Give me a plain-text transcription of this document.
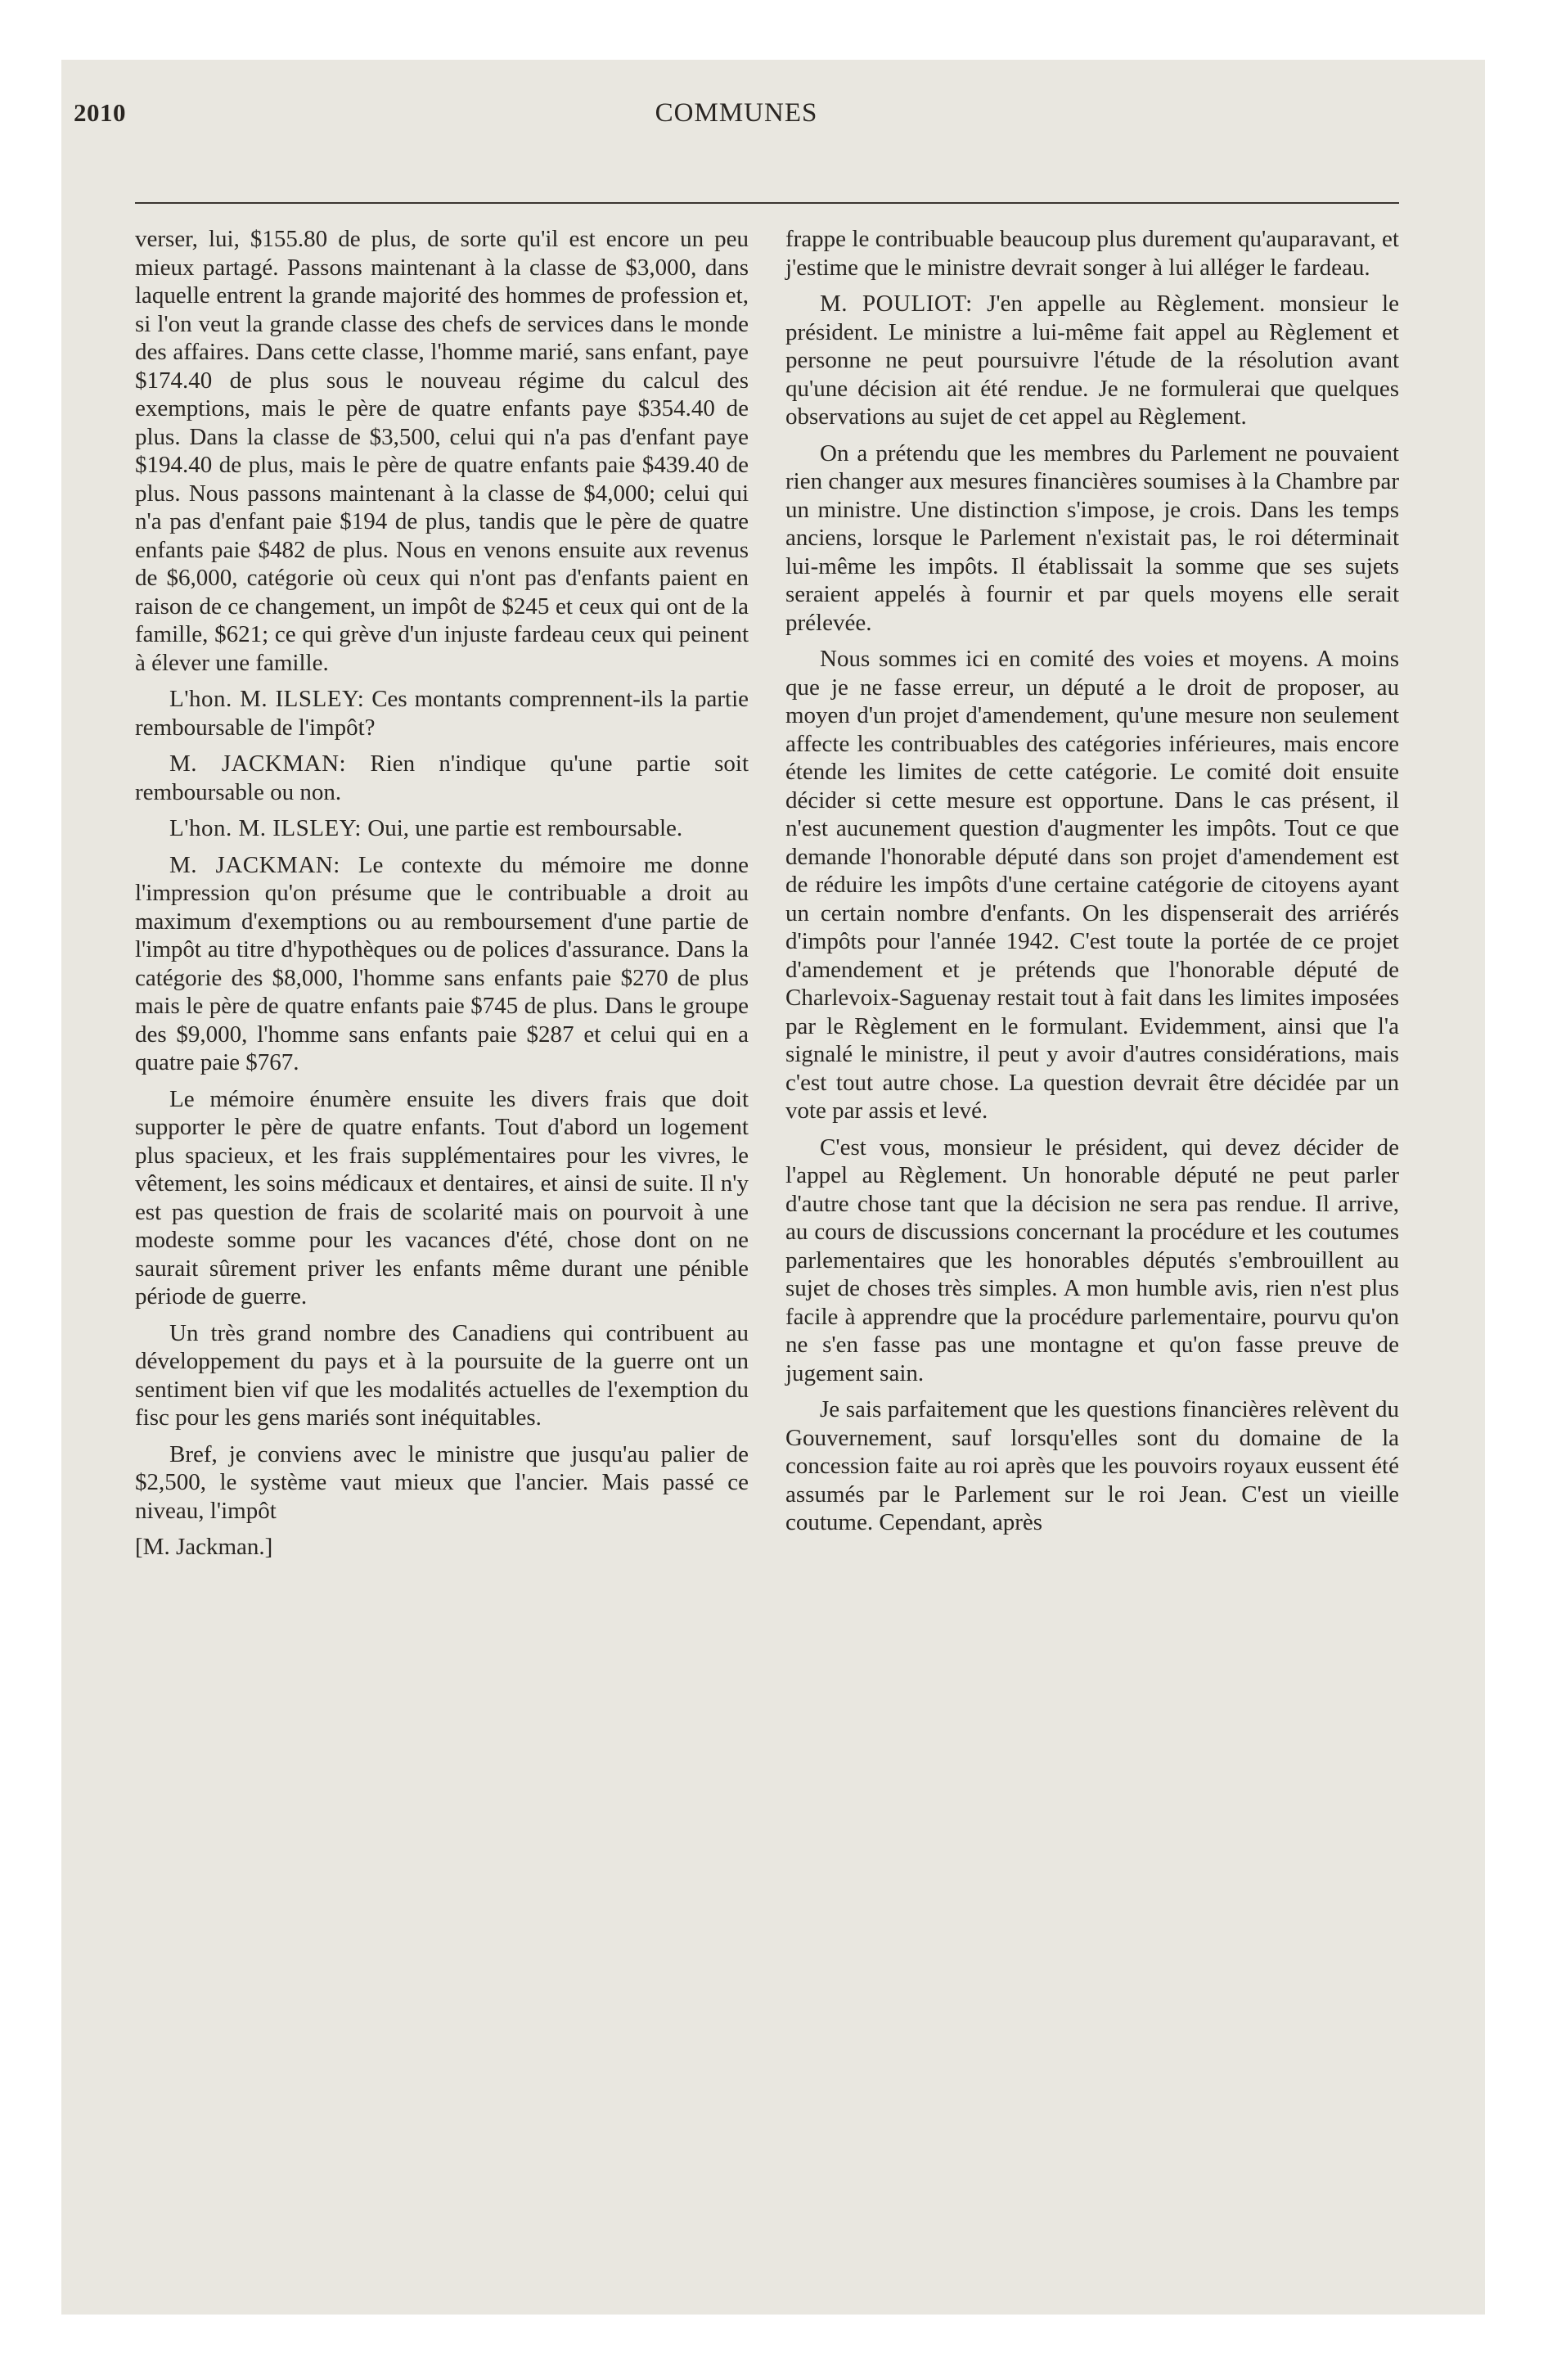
2010	COMMUNES

verser, lui, $155.80 de plus, de sorte qu'il est encore un peu mieux partagé. Passons maintenant à la classe de $3,000, dans laquelle entrent la grande majorité des hommes de profession et, si l'on veut la grande classe des chefs de services dans le monde des affaires. Dans cette classe, l'homme marié, sans enfant, paye $174.40 de plus sous le nouveau régime du calcul des exemptions, mais le père de quatre enfants paye $354.40 de plus. Dans la classe de $3,500, celui qui n'a pas d'enfant paye $194.40 de plus, mais le père de quatre enfants paie $439.40 de plus. Nous passons maintenant à la classe de $4,000; celui qui n'a pas d'enfant paie $194 de plus, tandis que le père de quatre enfants paie $482 de plus. Nous en venons ensuite aux revenus de $6,000, catégorie où ceux qui n'ont pas d'enfants paient en raison de ce changement, un impôt de $245 et ceux qui ont de la famille, $621; ce qui grève d'un injuste fardeau ceux qui peinent à élever une famille.

L'hon. M. ILSLEY: Ces montants comprennent-ils la partie remboursable de l'impôt?

M. JACKMAN: Rien n'indique qu'une partie soit remboursable ou non.

L'hon. M. ILSLEY: Oui, une partie est remboursable.

M. JACKMAN: Le contexte du mémoire me donne l'impression qu'on présume que le contribuable a droit au maximum d'exemptions ou au remboursement d'une partie de l'impôt au titre d'hypothèques ou de polices d'assurance. Dans la catégorie des $8,000, l'homme sans enfants paie $270 de plus mais le père de quatre enfants paie $745 de plus. Dans le groupe des $9,000, l'homme sans enfants paie $287 et celui qui en a quatre paie $767.

Le mémoire énumère ensuite les divers frais que doit supporter le père de quatre enfants. Tout d'abord un logement plus spacieux, et les frais supplémentaires pour les vivres, le vêtement, les soins médicaux et dentaires, et ainsi de suite. Il n'y est pas question de frais de scolarité mais on pourvoit à une modeste somme pour les vacances d'été, chose dont on ne saurait sûrement priver les enfants même durant une pénible période de guerre.

Un très grand nombre des Canadiens qui contribuent au développement du pays et à la poursuite de la guerre ont un sentiment bien vif que les modalités actuelles de l'exemption du fisc pour les gens mariés sont inéquitables.

Bref, je conviens avec le ministre que jusqu'au palier de $2,500, le système vaut mieux que l'ancier. Mais passé ce niveau, l'impôt

[M. Jackman.]

frappe le contribuable beaucoup plus durement qu'auparavant, et j'estime que le ministre devrait songer à lui alléger le fardeau.

M. POULIOT: J'en appelle au Règlement. monsieur le président. Le ministre a lui-même fait appel au Règlement et personne ne peut poursuivre l'étude de la résolution avant qu'une décision ait été rendue. Je ne formulerai que quelques observations au sujet de cet appel au Règlement.

On a prétendu que les membres du Parlement ne pouvaient rien changer aux mesures financières soumises à la Chambre par un ministre. Une distinction s'impose, je crois. Dans les temps anciens, lorsque le Parlement n'existait pas, le roi déterminait lui-même les impôts. Il établissait la somme que ses sujets seraient appelés à fournir et par quels moyens elle serait prélevée.

Nous sommes ici en comité des voies et moyens. A moins que je ne fasse erreur, un député a le droit de proposer, au moyen d'un projet d'amendement, qu'une mesure non seulement affecte les contribuables des catégories inférieures, mais encore étende les limites de cette catégorie. Le comité doit ensuite décider si cette mesure est opportune. Dans le cas présent, il n'est aucunement question d'augmenter les impôts. Tout ce que demande l'honorable député dans son projet d'amendement est de réduire les impôts d'une certaine catégorie de citoyens ayant un certain nombre d'enfants. On les dispenserait des arriérés d'impôts pour l'année 1942. C'est toute la portée de ce projet d'amendement et je prétends que l'honorable député de Charlevoix-Saguenay restait tout à fait dans les limites imposées par le Règlement en le formulant. Evidemment, ainsi que l'a signalé le ministre, il peut y avoir d'autres considérations, mais c'est tout autre chose. La question devrait être décidée par un vote par assis et levé.

C'est vous, monsieur le président, qui devez décider de l'appel au Règlement. Un honorable député ne peut parler d'autre chose tant que la décision ne sera pas rendue. Il arrive, au cours de discussions concernant la procédure et les coutumes parlementaires que les honorables députés s'embrouillent au sujet de choses très simples. A mon humble avis, rien n'est plus facile à apprendre que la procédure parlementaire, pourvu qu'on ne s'en fasse pas une montagne et qu'on fasse preuve de jugement sain.

Je sais parfaitement que les questions financières relèvent du Gouvernement, sauf lorsqu'elles sont du domaine de la concession faite au roi après que les pouvoirs royaux eussent été assumés par le Parlement sur le roi Jean. C'est un vieille coutume. Cependant, après
